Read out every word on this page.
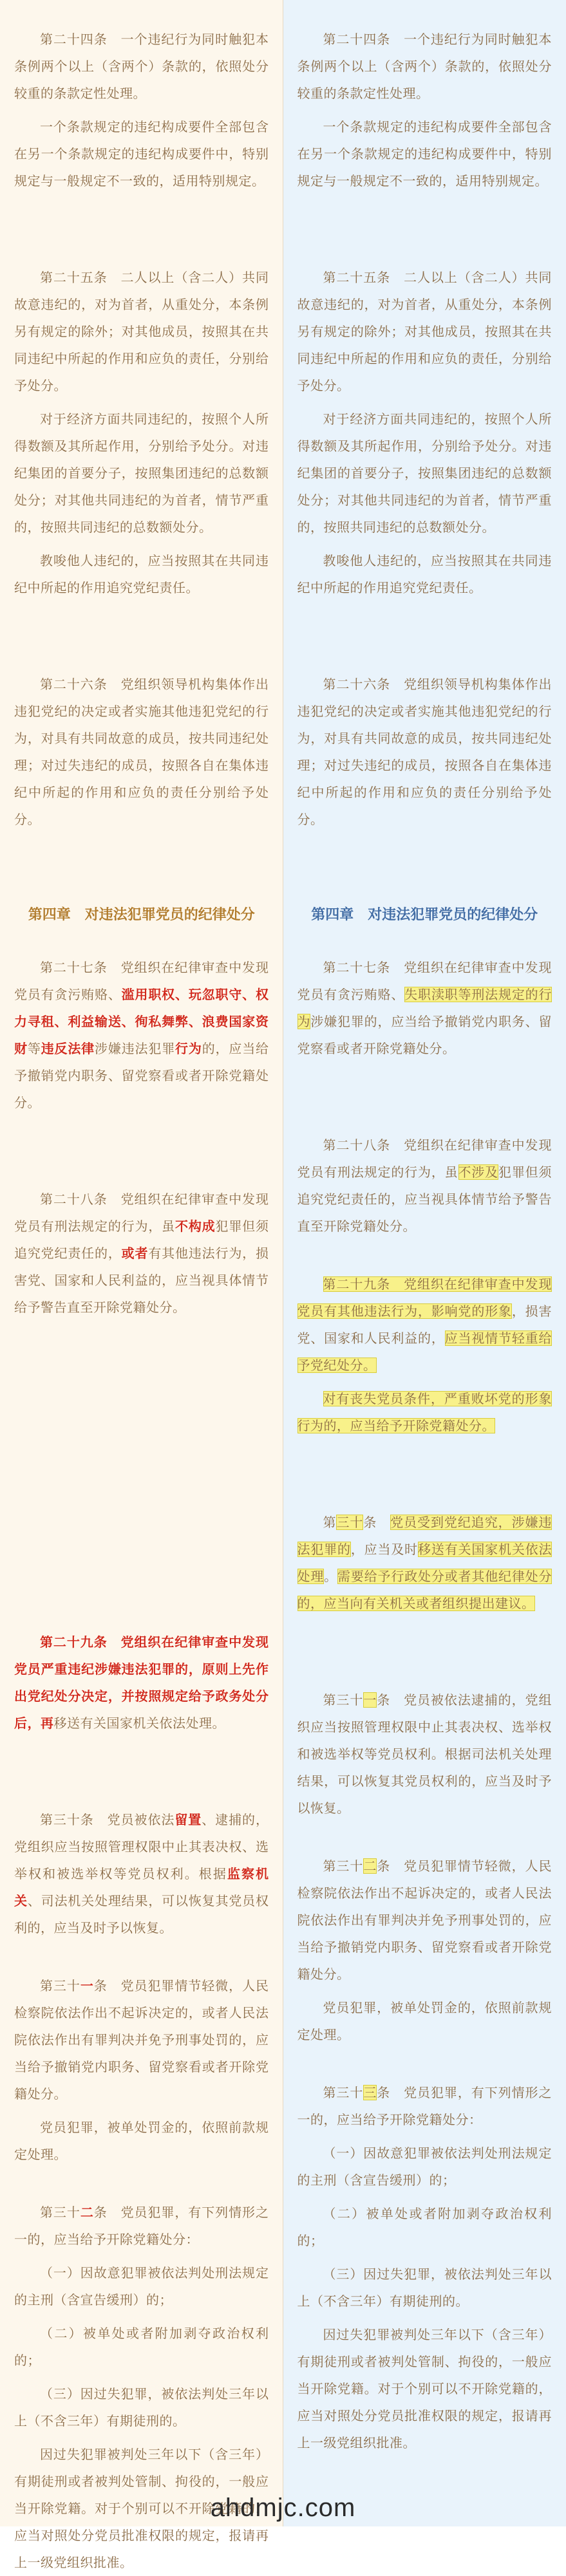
第二十四条　一个违纪行为同时触犯本条例两个以上（含两个）条款的，依照处分较重的条款定性处理。

一个条款规定的违纪构成要件全部包含在另一个条款规定的违纪构成要件中，特别规定与一般规定不一致的，适用特别规定。

第二十五条　二人以上（含二人）共同故意违纪的，对为首者，从重处分，本条例另有规定的除外；对其他成员，按照其在共同违纪中所起的作用和应负的责任，分别给予处分。

对于经济方面共同违纪的，按照个人所得数额及其所起作用，分别给予处分。对违纪集团的首要分子，按照集团违纪的总数额处分；对其他共同违纪的为首者，情节严重的，按照共同违纪的总数额处分。

教唆他人违纪的，应当按照其在共同违纪中所起的作用追究党纪责任。

第二十六条　党组织领导机构集体作出违犯党纪的决定或者实施其他违犯党纪的行为，对具有共同故意的成员，按共同违纪处理；对过失违纪的成员，按照各自在集体违纪中所起的作用和应负的责任分别给予处分。

第四章　对违法犯罪党员的纪律处分

第二十七条　党组织在纪律审查中发现党员有贪污贿赂、滥用职权、玩忽职守、权力寻租、利益输送、徇私舞弊、浪费国家资财等违反法律涉嫌违法犯罪行为的，应当给予撤销党内职务、留党察看或者开除党籍处分。

第二十八条　党组织在纪律审查中发现党员有刑法规定的行为，虽不构成犯罪但须追究党纪责任的，或者有其他违法行为，损害党、国家和人民利益的，应当视具体情节给予警告直至开除党籍处分。

第二十九条　党组织在纪律审查中发现党员严重违纪涉嫌违法犯罪的，原则上先作出党纪处分决定，并按照规定给予政务处分后，再移送有关国家机关依法处理。

第三十条　党员被依法留置、逮捕的，党组织应当按照管理权限中止其表决权、选举权和被选举权等党员权利。根据监察机关、司法机关处理结果，可以恢复其党员权利的，应当及时予以恢复。

第三十一条　党员犯罪情节轻微，人民检察院依法作出不起诉决定的，或者人民法院依法作出有罪判决并免予刑事处罚的，应当给予撤销党内职务、留党察看或者开除党籍处分。

党员犯罪，被单处罚金的，依照前款规定处理。

第三十二条　党员犯罪，有下列情形之一的，应当给予开除党籍处分：

（一）因故意犯罪被依法判处刑法规定的主刑（含宣告缓刑）的；

（二）被单处或者附加剥夺政治权利的；

（三）因过失犯罪，被依法判处三年以上（不含三年）有期徒刑的。

因过失犯罪被判处三年以下（含三年）有期徒刑或者被判处管制、拘役的，一般应当开除党籍。对于个别可以不开除党籍的，应当对照处分党员批准权限的规定，报请再上一级党组织批准。

第二十四条　一个违纪行为同时触犯本条例两个以上（含两个）条款的，依照处分较重的条款定性处理。

一个条款规定的违纪构成要件全部包含在另一个条款规定的违纪构成要件中，特别规定与一般规定不一致的，适用特别规定。

第二十五条　二人以上（含二人）共同故意违纪的，对为首者，从重处分，本条例另有规定的除外；对其他成员，按照其在共同违纪中所起的作用和应负的责任，分别给予处分。

对于经济方面共同违纪的，按照个人所得数额及其所起作用，分别给予处分。对违纪集团的首要分子，按照集团违纪的总数额处分；对其他共同违纪的为首者，情节严重的，按照共同违纪的总数额处分。

教唆他人违纪的，应当按照其在共同违纪中所起的作用追究党纪责任。

第二十六条　党组织领导机构集体作出违犯党纪的决定或者实施其他违犯党纪的行为，对具有共同故意的成员，按共同违纪处理；对过失违纪的成员，按照各自在集体违纪中所起的作用和应负的责任分别给予处分。

第四章　对违法犯罪党员的纪律处分

第二十七条　党组织在纪律审查中发现党员有贪污贿赂、失职渎职等刑法规定的行为涉嫌犯罪的，应当给予撤销党内职务、留党察看或者开除党籍处分。

第二十八条　党组织在纪律审查中发现党员有刑法规定的行为，虽不涉及犯罪但须追究党纪责任的，应当视具体情节给予警告直至开除党籍处分。

第二十九条　党组织在纪律审查中发现党员有其他违法行为，影响党的形象，损害党、国家和人民利益的，应当视情节轻重给予党纪处分。

对有丧失党员条件，严重败坏党的形象行为的，应当给予开除党籍处分。

第三十条　党员受到党纪追究，涉嫌违法犯罪的，应当及时移送有关国家机关依法处理。需要给予行政处分或者其他纪律处分的，应当向有关机关或者组织提出建议。

第三十一条　党员被依法逮捕的，党组织应当按照管理权限中止其表决权、选举权和被选举权等党员权利。根据司法机关处理结果，可以恢复其党员权利的，应当及时予以恢复。

第三十二条　党员犯罪情节轻微，人民检察院依法作出不起诉决定的，或者人民法院依法作出有罪判决并免予刑事处罚的，应当给予撤销党内职务、留党察看或者开除党籍处分。

党员犯罪，被单处罚金的，依照前款规定处理。

第三十三条　党员犯罪，有下列情形之一的，应当给予开除党籍处分：

（一）因故意犯罪被依法判处刑法规定的主刑（含宣告缓刑）的；

（二）被单处或者附加剥夺政治权利的；

（三）因过失犯罪，被依法判处三年以上（不含三年）有期徒刑的。

因过失犯罪被判处三年以下（含三年）有期徒刑或者被判处管制、拘役的，一般应当开除党籍。对于个别可以不开除党籍的，应当对照处分党员批准权限的规定，报请再上一级党组织批准。

ahdmjc.com
